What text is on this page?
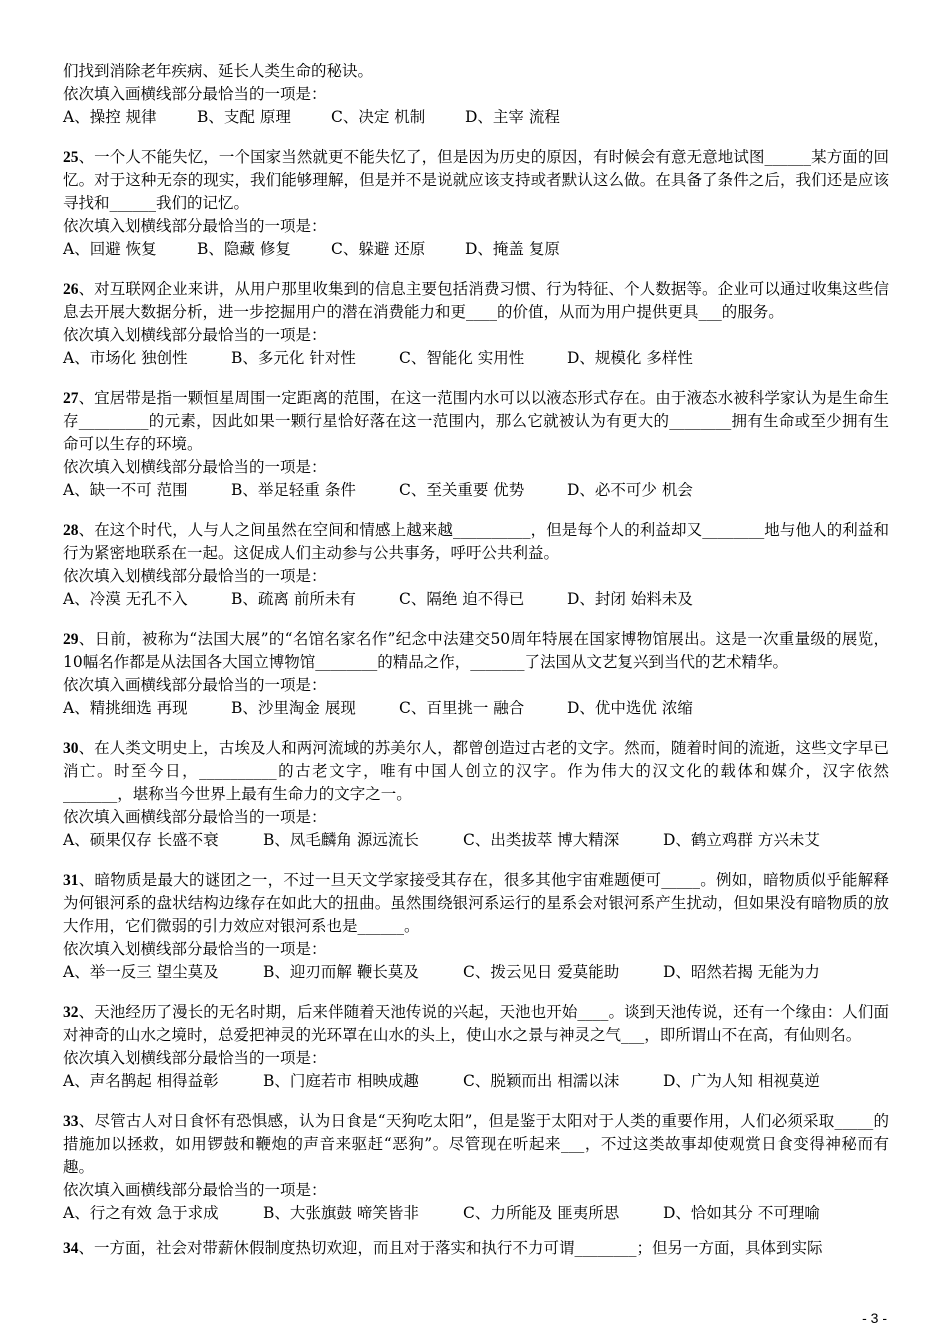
们找到消除老年疾病、延长人类生命的秘诀。

依次填入画横线部分最恰当的一项是：

A、操控 规律	B、支配 原理	C、决定 机制	D、主宰 流程

25、一个人不能失忆，一个国家当然就更不能失忆了，但是因为历史的原因，有时候会有意无意地试图______某方面的回忆。对于这种无奈的现实，我们能够理解，但是并不是说就应该支持或者默认这么做。在具备了条件之后，我们还是应该寻找和______我们的记忆。

依次填入划横线部分最恰当的一项是：

A、回避 恢复	B、隐藏 修复	C、躲避 还原	D、掩盖 复原

26、对互联网企业来讲，从用户那里收集到的信息主要包括消费习惯、行为特征、个人数据等。企业可以通过收集这些信息去开展大数据分析，进一步挖掘用户的潜在消费能力和更____的价值，从而为用户提供更具___的服务。

依次填入划横线部分最恰当的一项是：

A、市场化 独创性	B、多元化 针对性	C、智能化 实用性	D、规模化 多样性

27、宜居带是指一颗恒星周围一定距离的范围，在这一范围内水可以以液态形式存在。由于液态水被科学家认为是生命生存_________的元素，因此如果一颗行星恰好落在这一范围内，那么它就被认为有更大的________拥有生命或至少拥有生命可以生存的环境。

依次填入划横线部分最恰当的一项是：

A、缺一不可 范围	B、举足轻重 条件	C、至关重要 优势	D、必不可少 机会

28、在这个时代，人与人之间虽然在空间和情感上越来越__________，但是每个人的利益却又________地与他人的利益和行为紧密地联系在一起。这促成人们主动参与公共事务，呼吁公共利益。

依次填入划横线部分最恰当的一项是：

A、冷漠 无孔不入	B、疏离 前所未有	C、隔绝 迫不得已	D、封闭 始料未及

29、日前，被称为“法国大展”的“名馆名家名作”纪念中法建交50周年特展在国家博物馆展出。这是一次重量级的展览，10幅名作都是从法国各大国立博物馆________的精品之作，_______了法国从文艺复兴到当代的艺术精华。

依次填入画横线部分最恰当的一项是：

A、精挑细选 再现	B、沙里淘金 展现	C、百里挑一 融合	D、优中选优 浓缩

30、在人类文明史上，古埃及人和两河流域的苏美尔人，都曾创造过古老的文字。然而，随着时间的流逝，这些文字早已消亡。时至今日，__________的古老文字，唯有中国人创立的汉字。作为伟大的汉文化的载体和媒介，汉字依然_______，堪称当今世界上最有生命力的文字之一。

依次填入画横线部分最恰当的一项是：

A、硕果仅存 长盛不衰	B、凤毛麟角 源远流长	C、出类拔萃 博大精深	D、鹤立鸡群 方兴未艾

31、暗物质是最大的谜团之一，不过一旦天文学家接受其存在，很多其他宇宙难题便可_____。例如，暗物质似乎能解释为何银河系的盘状结构边缘存在如此大的扭曲。虽然围绕银河系运行的星系会对银河系产生扰动，但如果没有暗物质的放大作用，它们微弱的引力效应对银河系也是______。

依次填入划横线部分最恰当的一项是：

A、举一反三 望尘莫及	B、迎刃而解 鞭长莫及	C、拨云见日 爱莫能助	D、昭然若揭 无能为力

32、天池经历了漫长的无名时期，后来伴随着天池传说的兴起，天池也开始____。谈到天池传说，还有一个缘由：人们面对神奇的山水之境时，总爱把神灵的光环罩在山水的头上，使山水之景与神灵之气___，即所谓山不在高，有仙则名。

依次填入划横线部分最恰当的一项是：

A、声名鹊起 相得益彰	B、门庭若市 相映成趣	C、脱颖而出 相濡以沫	D、广为人知 相视莫逆

33、尽管古人对日食怀有恐惧感，认为日食是“天狗吃太阳”，但是鉴于太阳对于人类的重要作用，人们必须采取_____的措施加以拯救，如用锣鼓和鞭炮的声音来驱赶“恶狗”。尽管现在听起来___，不过这类故事却使观赏日食变得神秘而有趣。

依次填入画横线部分最恰当的一项是：

A、行之有效 急于求成	B、大张旗鼓 啼笑皆非	C、力所能及 匪夷所思	D、恰如其分 不可理喻

34、一方面，社会对带薪休假制度热切欢迎，而且对于落实和执行不力可谓________；但另一方面，具体到实际

- 3 -
